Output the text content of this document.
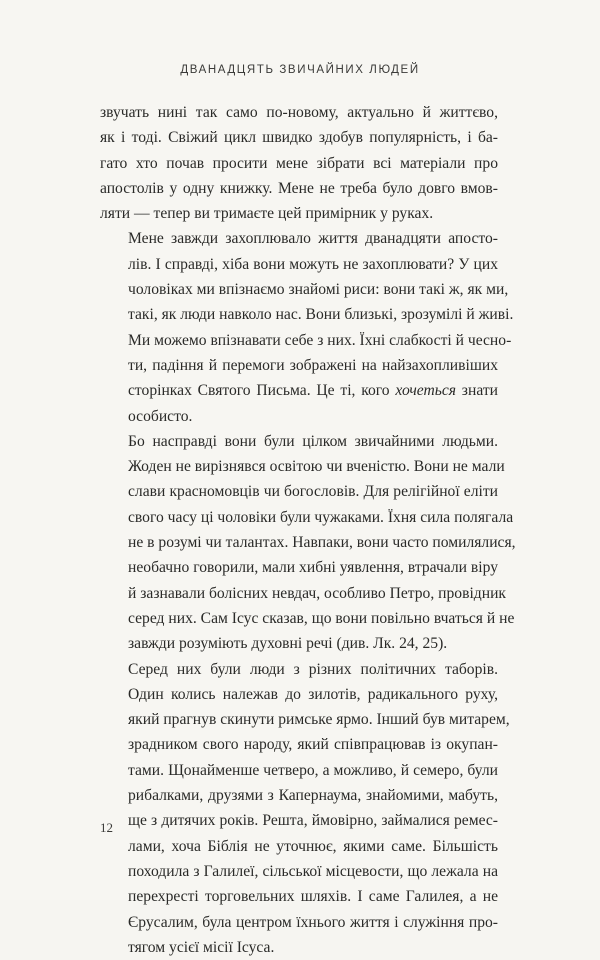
ДВАНАДЦЯТЬ ЗВИЧАЙНИХ ЛЮДЕЙ

звучать нині так само по-новому, актуально й життєво,
як і тоді. Свіжий цикл швидко здобув популярність, і ба-
гато хто почав просити мене зібрати всі матеріали про
апостолів у одну книжку. Мене не треба було довго вмов-
ляти — тепер ви тримаєте цей примірник у руках.

Мене завжди захоплювало життя дванадцяти апосто-
лів. І справді, хіба вони можуть не захоплювати? У цих
чоловіках ми впізнаємо знайомі риси: вони такі ж, як ми,
такі, як люди навколо нас. Вони близькі, зрозумілі й живі.
Ми можемо впізнавати себе з них. Їхні слабкості й чесно-
ти, падіння й перемоги зображені на найзахопливіших
сторінках Святого Письма. Це ті, кого хочеться знати
особисто.

Бо насправді вони були цілком звичайними людьми.
Жоден не вирізнявся освітою чи вченістю. Вони не мали
слави красномовців чи богословів. Для релігійної еліти
свого часу ці чоловіки були чужаками. Їхня сила полягала
не в розумі чи талантах. Навпаки, вони часто помилялися,
необачно говорили, мали хибні уявлення, втрачали віру
й зазнавали болісних невдач, особливо Петро, провідник
серед них. Сам Ісус сказав, що вони повільно вчаться й не
завжди розуміють духовні речі (див. Лк. 24, 25).

Серед них були люди з різних політичних таборів.
Один колись належав до зилотів, радикального руху,
який прагнув скинути римське ярмо. Інший був митарем,
зрадником свого народу, який співпрацював із окупан-
тами. Щонайменше четверо, а можливо, й семеро, були
рибалками, друзями з Капернаума, знайомими, мабуть,
ще з дитячих років. Решта, ймовірно, займалися ремес-
лами, хоча Біблія не уточнює, якими саме. Більшість
походила з Галилеї, сільської місцевости, що лежала на
перехресті торговельних шляхів. І саме Галилея, а не
Єрусалим, була центром їхнього життя і служіння про-
тягом усієї місії Ісуса.

12
